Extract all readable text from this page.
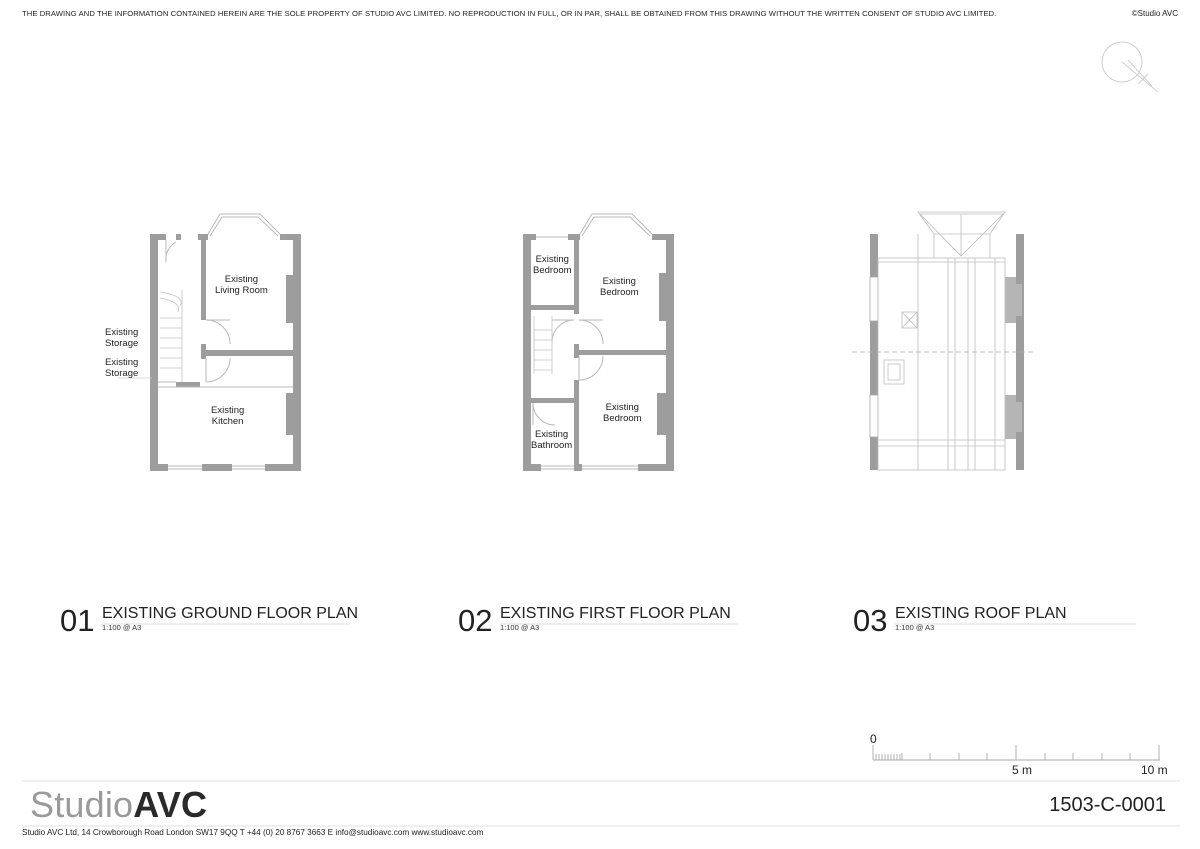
THE DRAWING AND THE INFORMATION CONTAINED HEREIN ARE THE SOLE PROPERTY OF STUDIO AVC LIMITED. NO REPRODUCTION IN FULL, OR IN PAR, SHALL BE OBTAINED FROM THIS DRAWING WITHOUT THE WRITTEN CONSENT OF STUDIO AVC LIMITED.	©Studio AVC
Existing
Living Room
Existing
Storage
Existing
Storage
Existing
Kitchen
Existing
Bedroom
Existing
Bedroom
Existing
Bedroom
Existing
Bathroom
01 EXISTING GROUND FLOOR PLAN
1:100 @ A3	02 EXISTING FIRST FLOOR PLAN
1:100 @ A3	03 EXISTING ROOF PLAN
1:100 @ A3
0
5 m	10 m
StudioAVC	1503-C-0001
Studio AVC Ltd, 14 Crowborough Road London SW17 9QQ T +44 (0) 20 8767 3663 E info@studioavc.com www.studioavc.com
